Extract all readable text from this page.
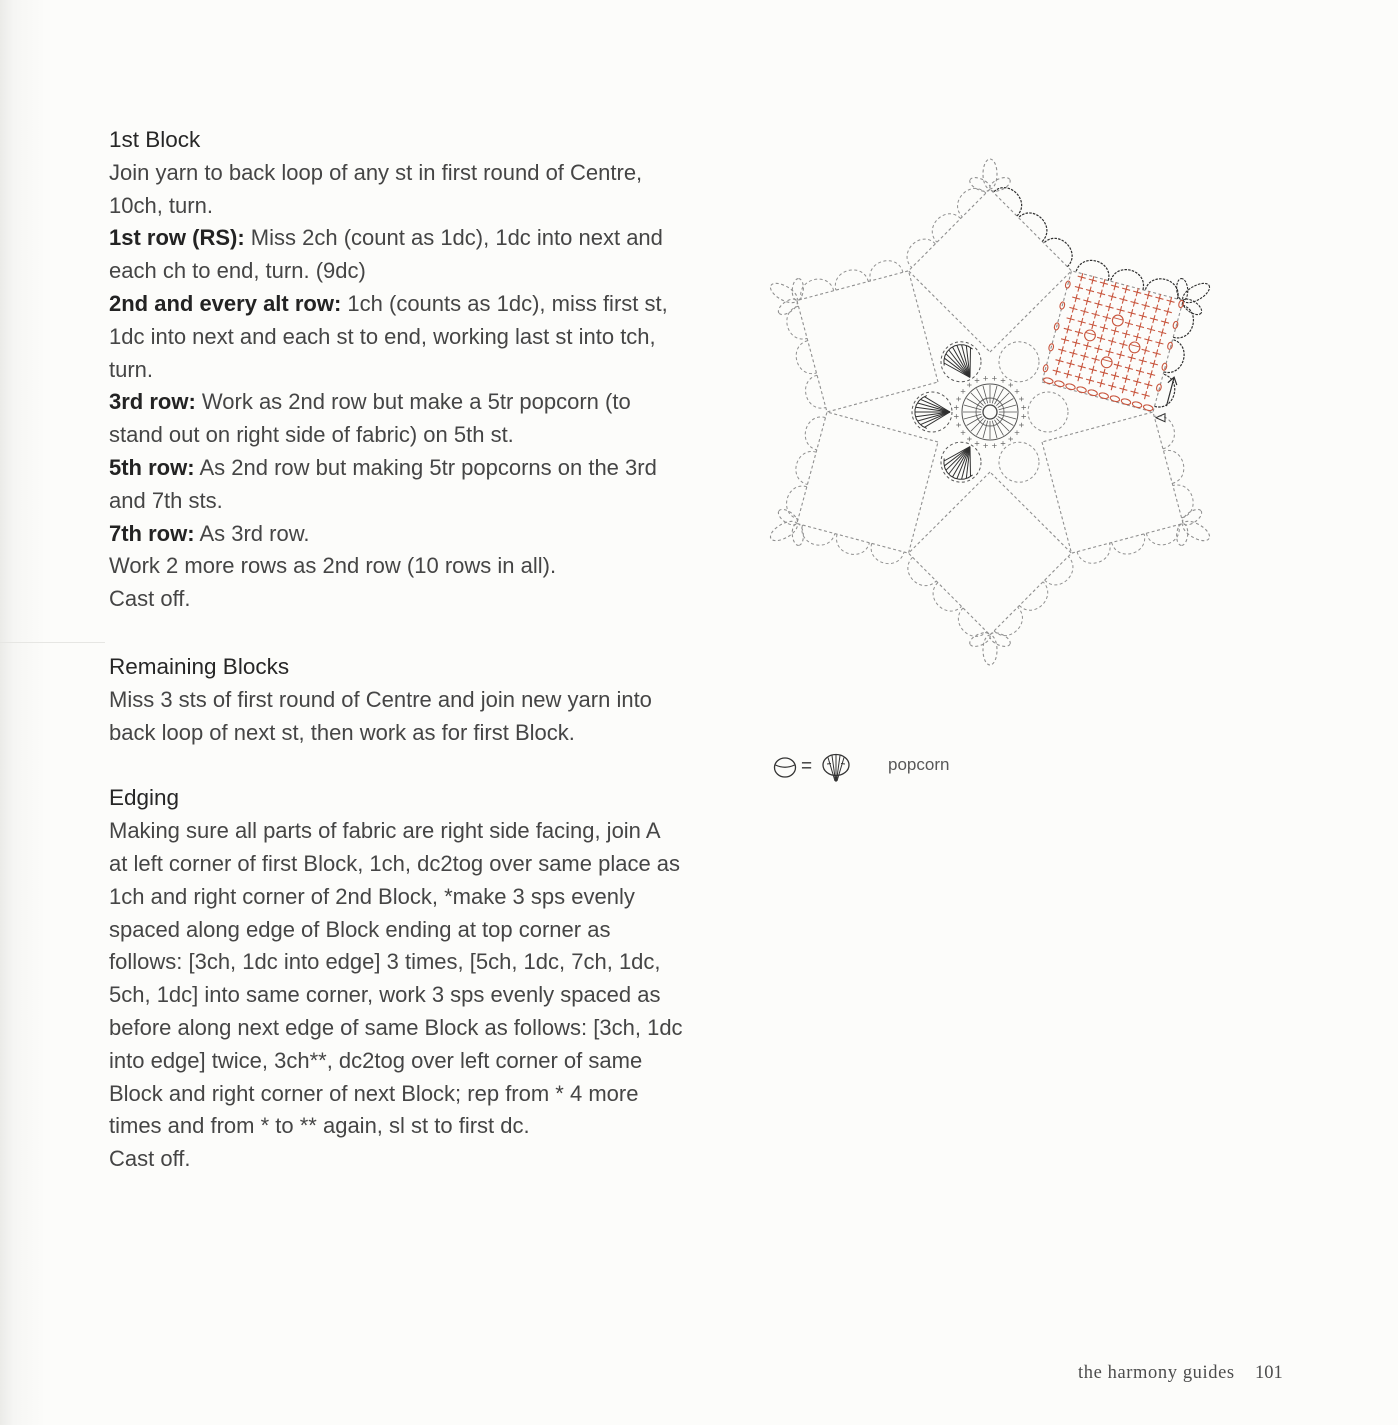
1st Block
Join yarn to back loop of any st in first round of Centre,
10ch, turn.
1st row (RS): Miss 2ch (count as 1dc), 1dc into next and
each ch to end, turn. (9dc)
2nd and every alt row: 1ch (counts as 1dc), miss first st,
1dc into next and each st to end, working last st into tch,
turn.
3rd row: Work as 2nd row but make a 5tr popcorn (to
stand out on right side of fabric) on 5th st.
5th row: As 2nd row but making 5tr popcorns on the 3rd
and 7th sts.
7th row: As 3rd row.
Work 2 more rows as 2nd row (10 rows in all).
Cast off.
Remaining Blocks
Miss 3 sts of first round of Centre and join new yarn into
back loop of next st, then work as for first Block.
Edging
Making sure all parts of fabric are right side facing, join A
at left corner of first Block, 1ch, dc2tog over same place as
1ch and right corner of 2nd Block, *make 3 sps evenly
spaced along edge of Block ending at top corner as
follows: [3ch, 1dc into edge] 3 times, [5ch, 1dc, 7ch, 1dc,
5ch, 1dc] into same corner, work 3 sps evenly spaced as
before along next edge of same Block as follows: [3ch, 1dc
into edge] twice, 3ch**, dc2tog over left corner of same
Block and right corner of next Block; rep from * 4 more
times and from * to ** again, sl st to first dc.
Cast off.
=	popcorn
the harmony guides 101
